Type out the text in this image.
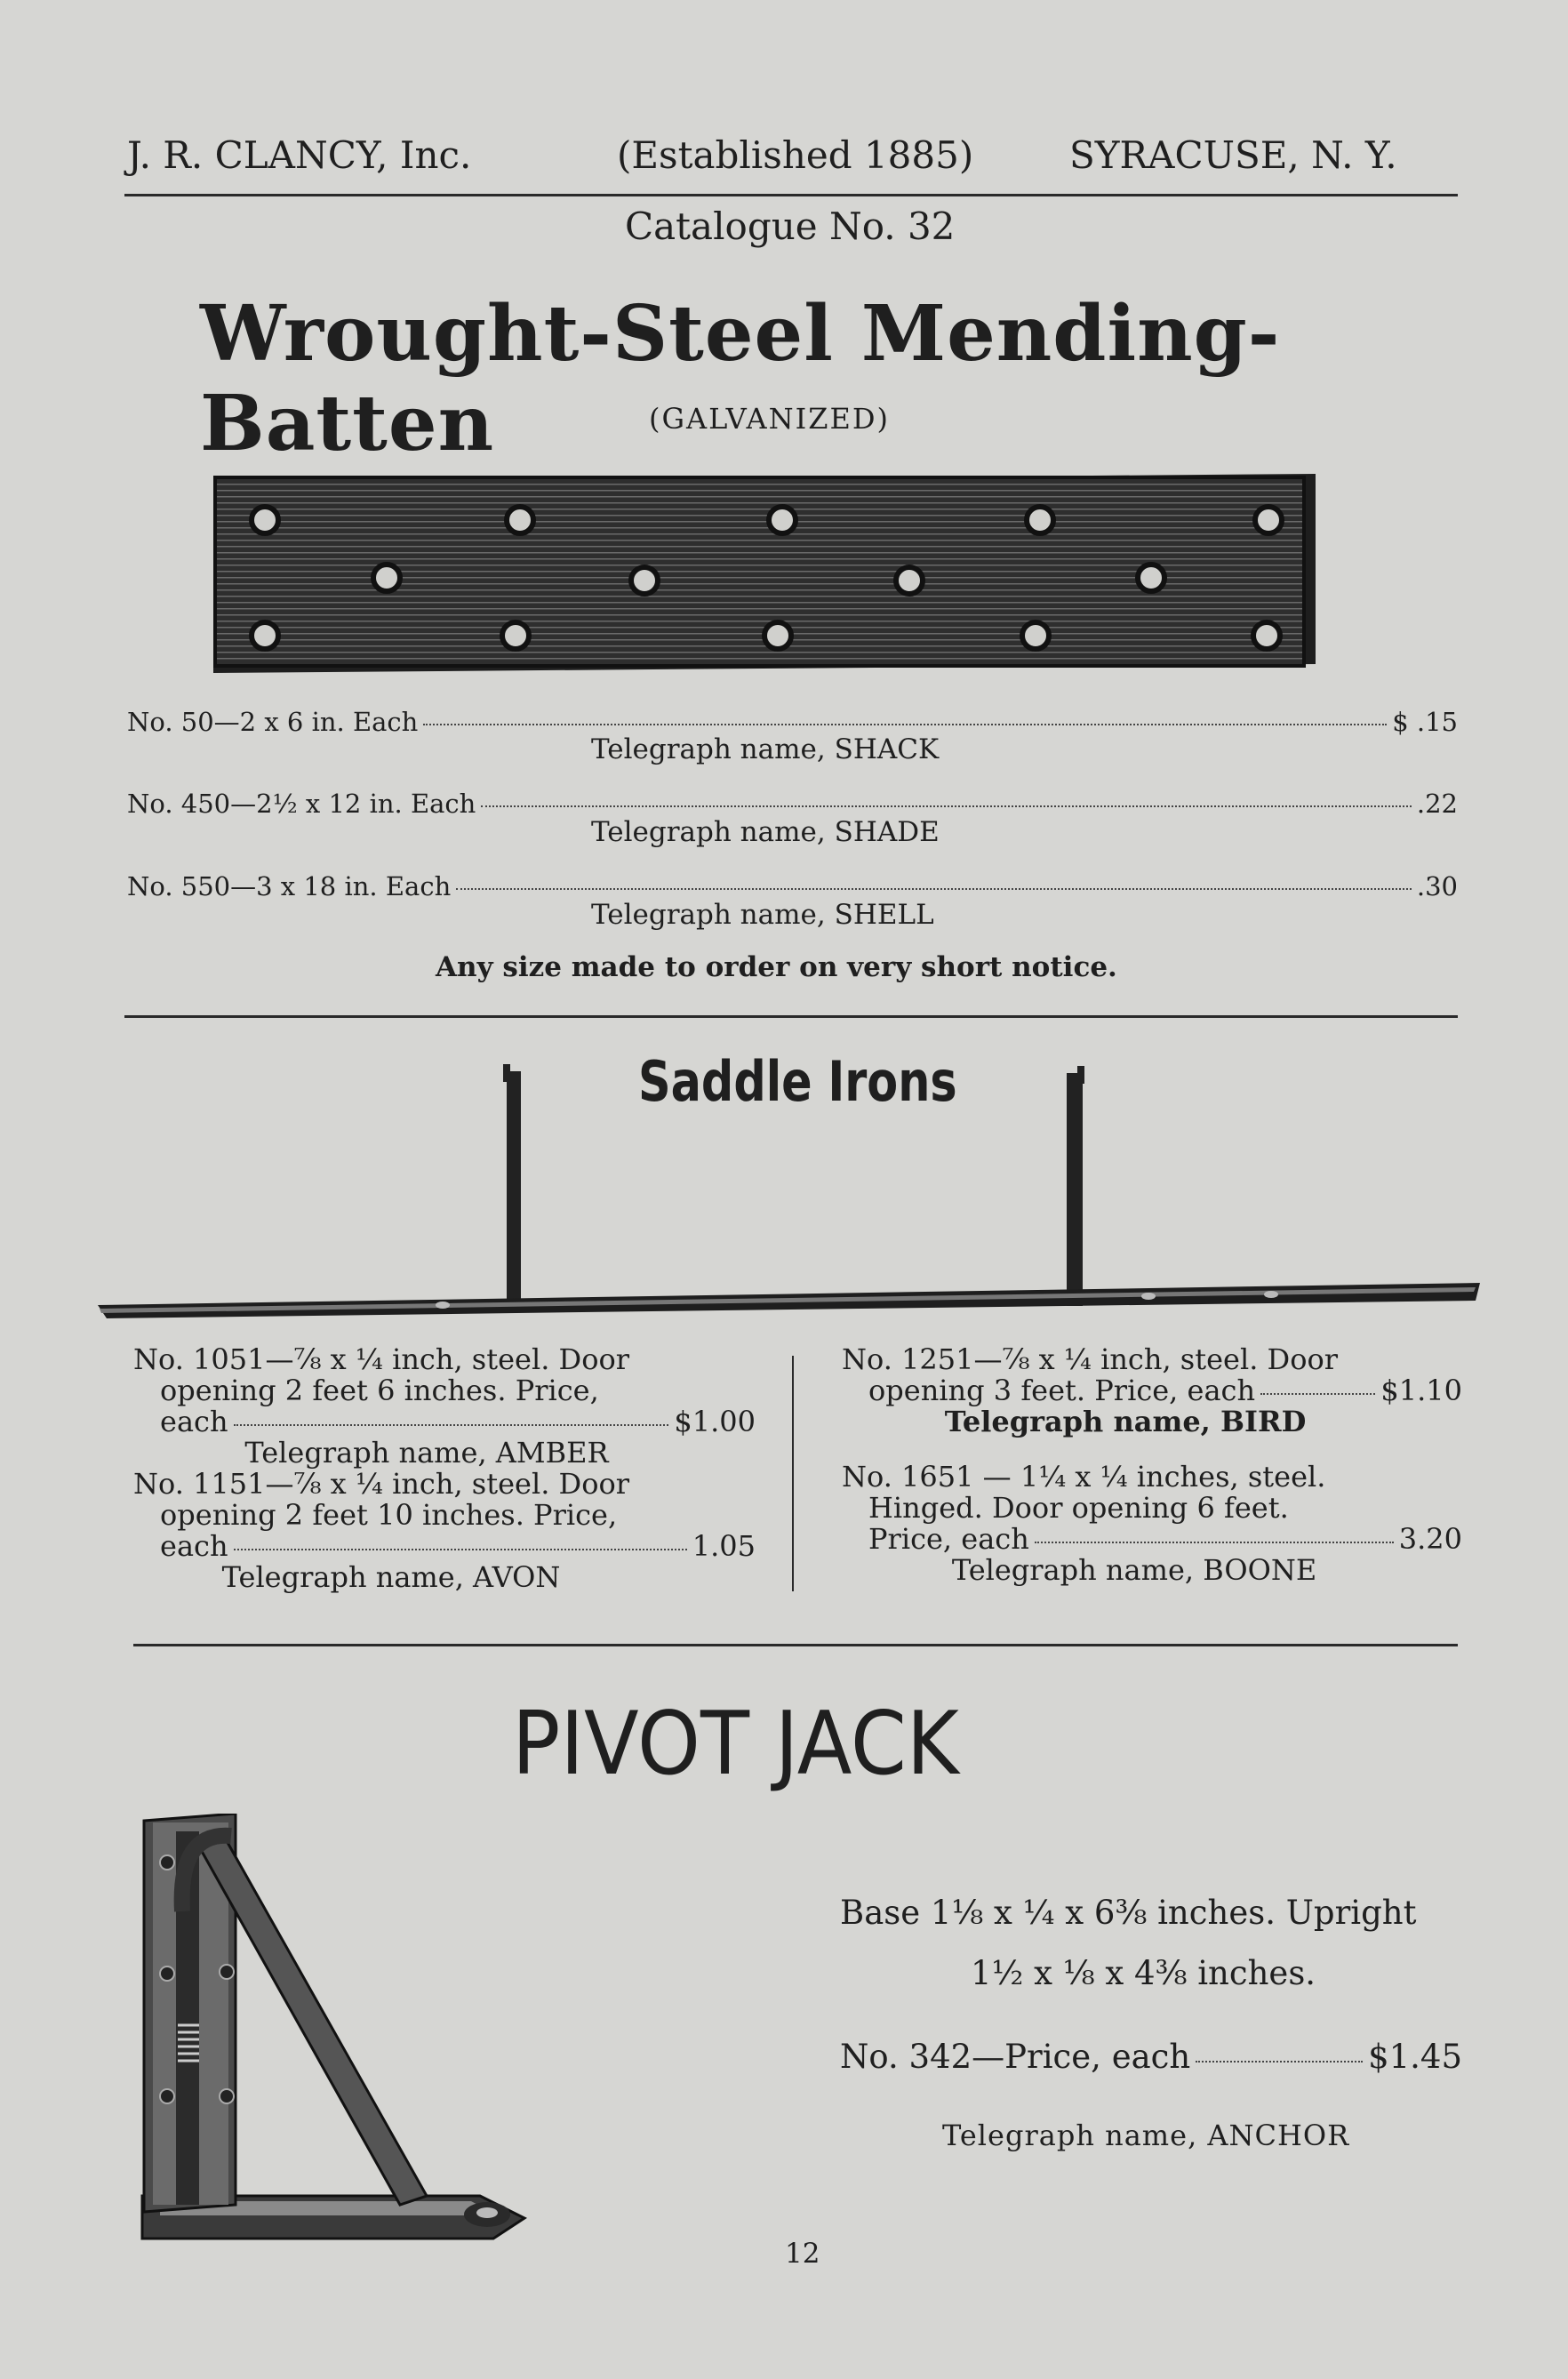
J. R. CLANCY, Inc.	(Established 1885)	SYRACUSE, N. Y.
Catalogue No. 32
Wrought-Steel Mending-Batten	(GALVANIZED)
No. 50—2 x 6 in. Each	$ .15
Telegraph name, SHACK
No. 450—2½ x 12 in. Each	.22
Telegraph name, SHADE
No. 550—3 x 18 in. Each	.30
Telegraph name, SHELL
Any size made to order on very short notice.
Saddle Irons
No. 1051—⅞ x ¼ inch, steel. Door
opening 2 feet 6 inches. Price,
each	$1.00
Telegraph name, AMBER
No. 1151—⅞ x ¼ inch, steel. Door
opening 2 feet 10 inches. Price,
each	1.05
Telegraph name, AVON
No. 1251—⅞ x ¼ inch, steel. Door
opening 3 feet. Price, each	$1.10
Telegraph name, BIRD
No. 1651 — 1¼ x ¼ inches, steel.
Hinged. Door opening 6 feet.
Price, each	3.20
Telegraph name, BOONE
PIVOT JACK
Base 1⅛ x ¼ x 6⅜ inches. Upright
1½ x ⅛ x 4⅜ inches.
No. 342—Price, each	$1.45
Telegraph name, ANCHOR
12
